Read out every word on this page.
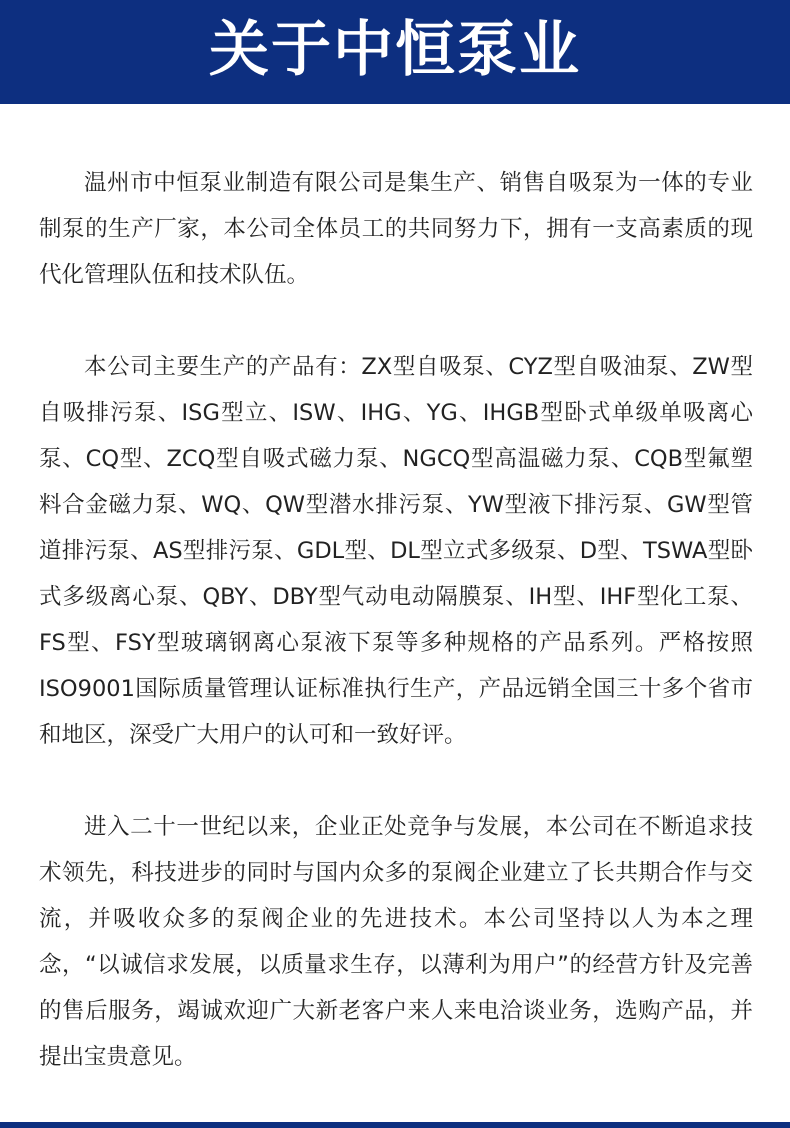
关于中恒泵业

温州市中恒泵业制造有限公司是集生产、销售自吸泵为一体的专业制泵的生产厂家，本公司全体员工的共同努力下，拥有一支高素质的现代化管理队伍和技术队伍。

本公司主要生产的产品有：ZX型自吸泵、CYZ型自吸油泵、ZW型自吸排污泵、ISG型立、ISW、IHG、YG、IHGB型卧式单级单吸离心泵、CQ型、ZCQ型自吸式磁力泵、NGCQ型高温磁力泵、CQB型氟塑料合金磁力泵、WQ、QW型潜水排污泵、YW型液下排污泵、GW型管道排污泵、AS型排污泵、GDL型、DL型立式多级泵、D型、TSWA型卧式多级离心泵、QBY、DBY型气动电动隔膜泵、IH型、IHF型化工泵、FS型、FSY型玻璃钢离心泵液下泵等多种规格的产品系列。严格按照ISO9001国际质量管理认证标准执行生产，产品远销全国三十多个省市和地区，深受广大用户的认可和一致好评。

进入二十一世纪以来，企业正处竞争与发展，本公司在不断追求技术领先，科技进步的同时与国内众多的泵阀企业建立了长共期合作与交流，并吸收众多的泵阀企业的先进技术。本公司坚持以人为本之理念，“以诚信求发展，以质量求生存，以薄利为用户”的经营方针及完善的售后服务，竭诚欢迎广大新老客户来人来电洽谈业务，选购产品，并提出宝贵意见。
